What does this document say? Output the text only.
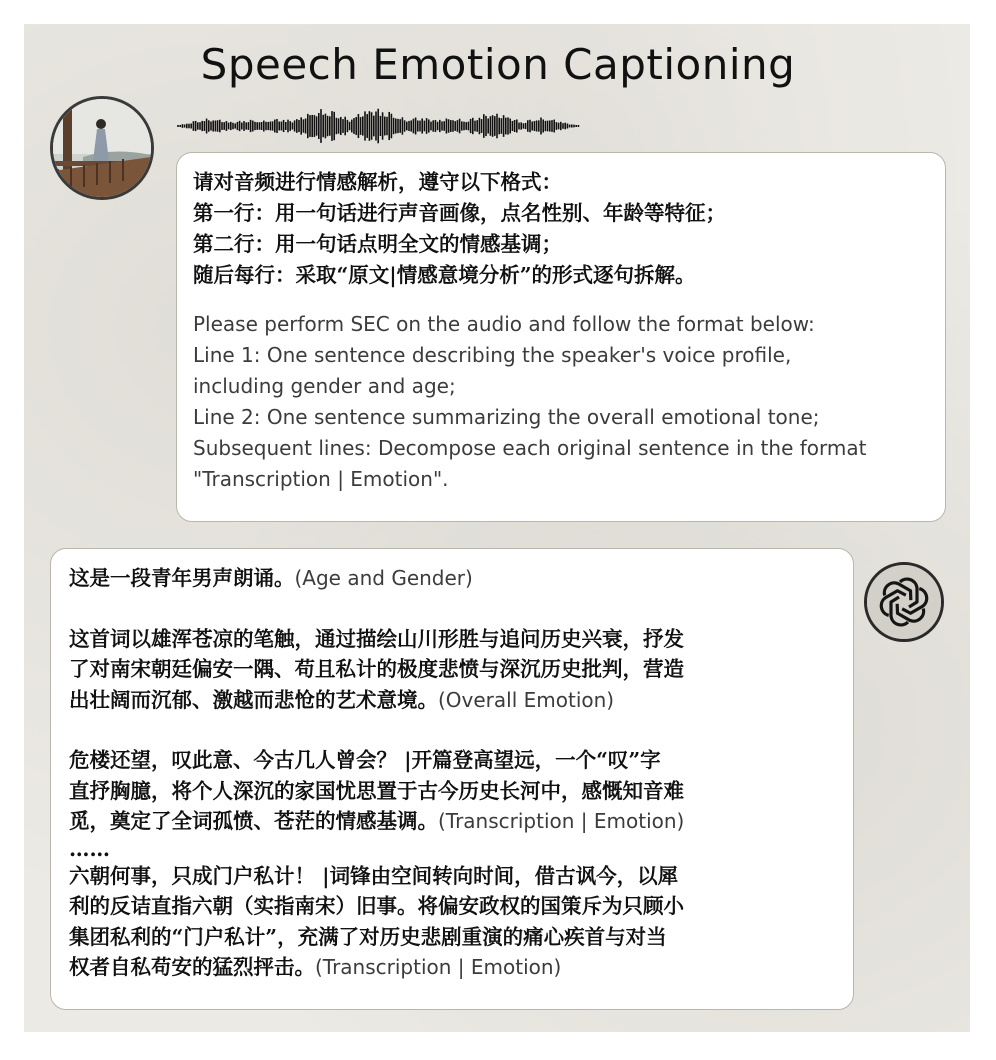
Speech Emotion Captioning
请对音频进行情感解析，遵守以下格式：
第一行：用一句话进行声音画像，点名性别、年龄等特征；
第二行：用一句话点明全文的情感基调；
随后每行：采取“原文|情感意境分析”的形式逐句拆解。
Please perform SEC on the audio and follow the format below:
Line 1: One sentence describing the speaker's voice profile,
including gender and age;
Line 2: One sentence summarizing the overall emotional tone;
Subsequent lines: Decompose each original sentence in the format
"Transcription | Emotion".
这是一段青年男声朗诵。(Age and Gender)
这首词以雄浑苍凉的笔触，通过描绘山川形胜与追问历史兴衰，抒发
了对南宋朝廷偏安一隅、苟且私计的极度悲愤与深沉历史批判，营造
出壮阔而沉郁、激越而悲怆的艺术意境。(Overall Emotion)
危楼还望，叹此意、今古几人曾会？ |开篇登高望远，一个“叹”字
直抒胸臆，将个人深沉的家国忧思置于古今历史长河中，感慨知音难
觅，奠定了全词孤愤、苍茫的情感基调。(Transcription | Emotion)
……
六朝何事，只成门户私计！ |词锋由空间转向时间，借古讽今，以犀
利的反诘直指六朝（实指南宋）旧事。将偏安政权的国策斥为只顾小
集团私利的“门户私计”，充满了对历史悲剧重演的痛心疾首与对当
权者自私苟安的猛烈抨击。(Transcription | Emotion)
